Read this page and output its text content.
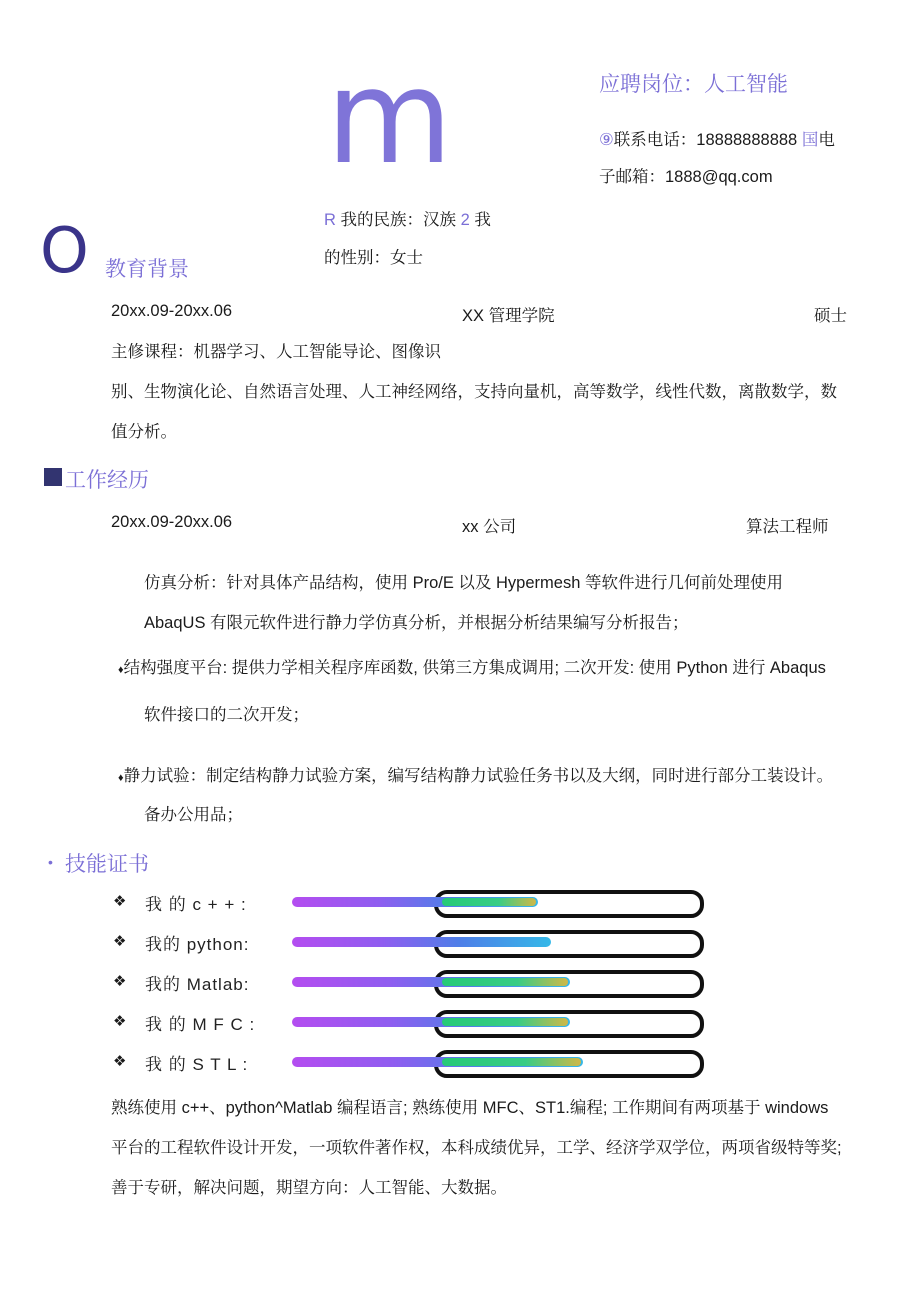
m	应聘岗位：人工智能
⑨联系电话：18888888888 国电
子邮箱：1888@qq.com
R 我的民族：汉族 2 我
的性别：女士
O 教育背景
20xx.09-20xx.06	XX 管理学院	硕士
主修课程：机器学习、人工智能导论、图像识
别、生物演化论、自然语言处理、人工神经网络，支持向量机，高等数学，线性代数，离散数学，数
值分析。
工作经历
20xx.09-20xx.06	xx 公司	算法工程师
仿真分析：针对具体产品结构，使用 Pro/E 以及 Hypermesh 等软件进行几何前处理使用
AbaqUS 有限元软件进行静力学仿真分析，并根据分析结果编写分析报告；
♦结构强度平台: 提供力学相关程序库函数, 供第三方集成调用; 二次开发: 使用 Python 进行 Abaqus
软件接口的二次开发；
♦静力试验：制定结构静力试验方案，编写结构静力试验任务书以及大纲，同时进行部分工装设计。
备办公用品；
• 技能证书
❖ 我 的 c + + :
❖ 我的 python:
❖ 我的 Matlab:
❖ 我 的 M F C :
❖ 我 的 S T L :
熟练使用 c++、python^Matlab 编程语言; 熟练使用 MFC、ST1.编程; 工作期间有两项基于 windows
平台的工程软件设计开发，一项软件著作权，本科成绩优异，工学、经济学双学位，两项省级特等奖;
善于专研，解决问题，期望方向：人工智能、大数据。
